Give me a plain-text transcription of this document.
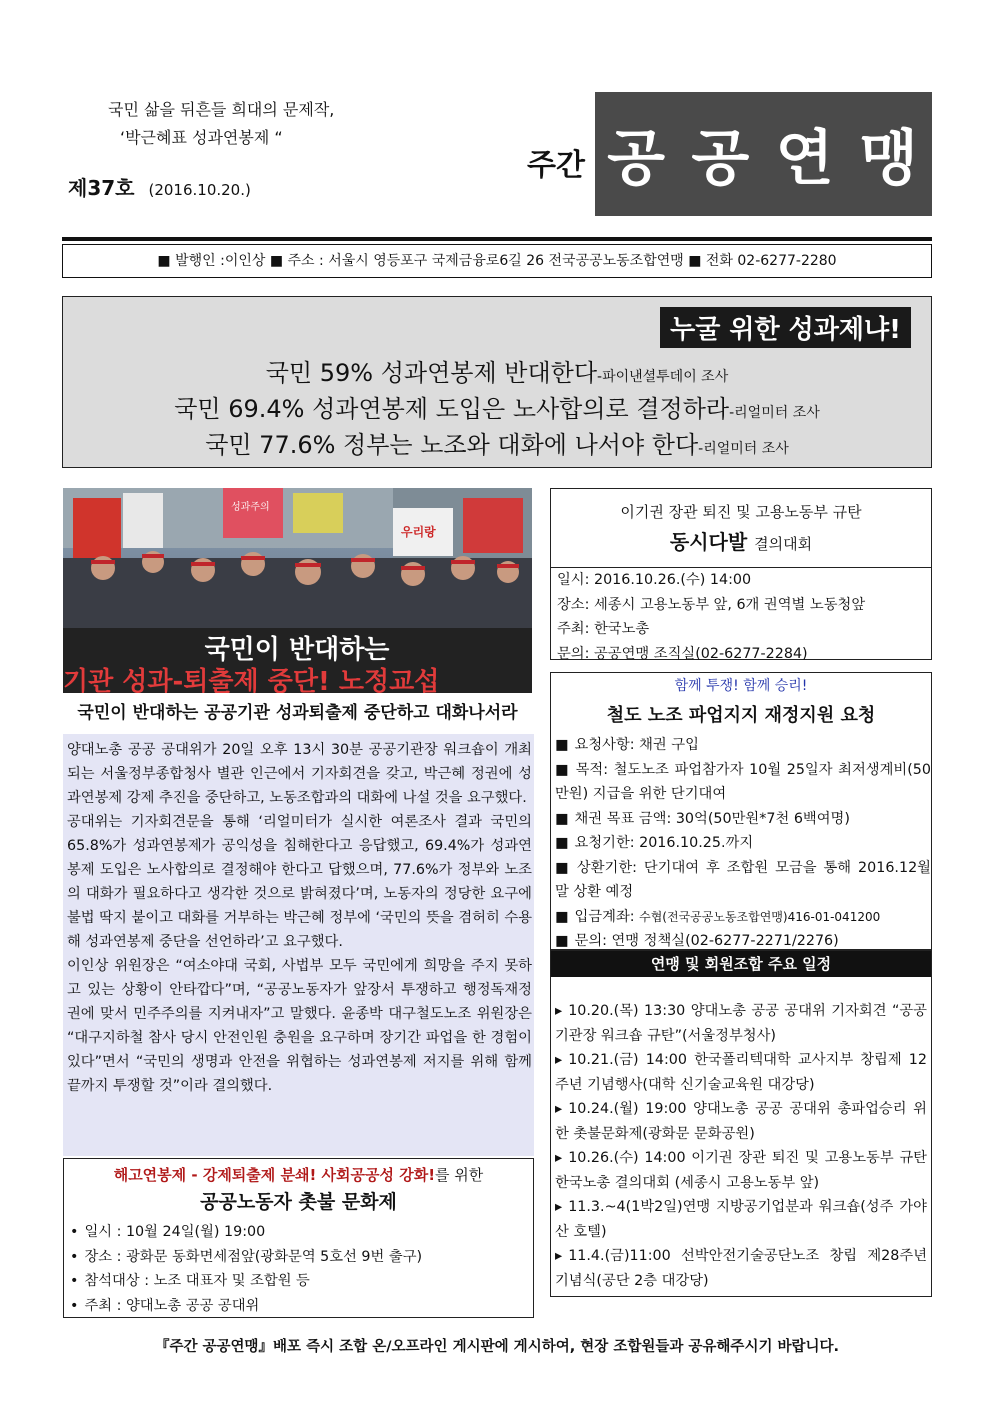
국민 삶을 뒤흔들 희대의 문제작,
‘박근혜표 성과연봉제 “
제37호 (2016.10.20.)
주간 공 공 연 맹
■ 발행인 :이인상 ■ 주소 : 서울시 영등포구 국제금융로6길 26 전국공공노동조합연맹 ■ 전화 02-6277-2280
누굴 위한 성과제냐!
국민 59% 성과연봉제 반대한다-파이낸셜투데이 조사
국민 69.4% 성과연봉제 도입은 노사합의로 결정하라-리얼미터 조사
국민 77.6% 정부는 노조와 대화에 나서야 한다-리얼미터 조사
성과주의
우리랑
국민이 반대하는
기관 성과-퇴출제 중단! 노정교섭
국민이 반대하는 공공기관 성과퇴출제 중단하고 대화나서라

양대노총 공공 공대위가 20일 오후 13시 30분 공공기관장 워크숍이 개최되는 서울정부종합청사 별관 인근에서 기자회견을 갖고, 박근혜 정권에 성과연봉제 강제 추진을 중단하고, 노동조합과의 대화에 나설 것을 요구했다.

공대위는 기자회견문을 통해 ‘리얼미터가 실시한 여론조사 결과 국민의 65.8%가 성과연봉제가 공익성을 침해한다고 응답했고, 69.4%가 성과연봉제 도입은 노사합의로 결정해야 한다고 답했으며, 77.6%가 정부와 노조의 대화가 필요하다고 생각한 것으로 밝혀졌다’며, 노동자의 정당한 요구에 불법 딱지 붙이고 대화를 거부하는 박근혜 정부에 ‘국민의 뜻을 겸허히 수용해 성과연봉제 중단을 선언하라’고 요구했다.

이인상 위원장은 “여소야대 국회, 사법부 모두 국민에게 희망을 주지 못하고 있는 상황이 안타깝다”며, “공공노동자가 앞장서 투쟁하고 행정독재정권에 맞서 민주주의를 지켜내자”고 말했다. 윤종박 대구철도노조 위원장은 “대구지하철 참사 당시 안전인원 충원을 요구하며 장기간 파업을 한 경험이 있다”면서 “국민의 생명과 안전을 위협하는 성과연봉제 저지를 위해 함께 끝까지 투쟁할 것”이라 결의했다.

해고연봉제 - 강제퇴출제 분쇄! 사회공공성 강화!를 위한
공공노동자 촛불 문화제
• 일시 : 10월 24일(월) 19:00
• 장소 : 광화문 동화면세점앞(광화문역 5호선 9번 출구)
• 참석대상 : 노조 대표자 및 조합원 등
• 주최 : 양대노총 공공 공대위
이기권 장관 퇴진 및 고용노동부 규탄
동시다발 결의대회
일시: 2016.10.26.(수) 14:00
장소: 세종시 고용노동부 앞, 6개 권역별 노동청앞
주최: 한국노총
문의: 공공연맹 조직실(02-6277-2284)
함께 투쟁! 함께 승리!
철도 노조 파업지지 재정지원 요청
■ 요청사항: 채권 구입
■ 목적: 철도노조 파업참가자 10월 25일자 최저생계비(50만원) 지급을 위한 단기대여
■ 채권 목표 금액: 30억(50만원*7천 6백여명)
■ 요청기한: 2016.10.25.까지
■ 상환기한: 단기대여 후 조합원 모금을 통해 2016.12월 말 상환 예정
■ 입금계좌: 수협(전국공공노동조합연맹)416-01-041200
■ 문의: 연맹 정책실(02-6277-2271/2276)
연맹 및 회원조합 주요 일정
▸ 10.20.(목) 13:30 양대노총 공공 공대위 기자회견 “공공기관장 워크숍 규탄”(서울정부청사)
▸ 10.21.(금) 14:00 한국폴리텍대학 교사지부 창립제 12주년 기념행사(대학 신기술교육원 대강당)
▸ 10.24.(월) 19:00 양대노총 공공 공대위 총파업승리 위한 촛불문화제(광화문 문화공원)
▸ 10.26.(수) 14:00 이기권 장관 퇴진 및 고용노동부 규탄 한국노총 결의대회 (세종시 고용노동부 앞)
▸ 11.3.~4(1박2일)연맹 지방공기업분과 워크숍(성주 가야산 호텔)
▸ 11.4.(금)11:00 선박안전기술공단노조 창립 제28주년 기념식(공단 2층 대강당)
『주간 공공연맹』배포 즉시 조합 온/오프라인 게시판에 게시하여, 현장 조합원들과 공유해주시기 바랍니다.
